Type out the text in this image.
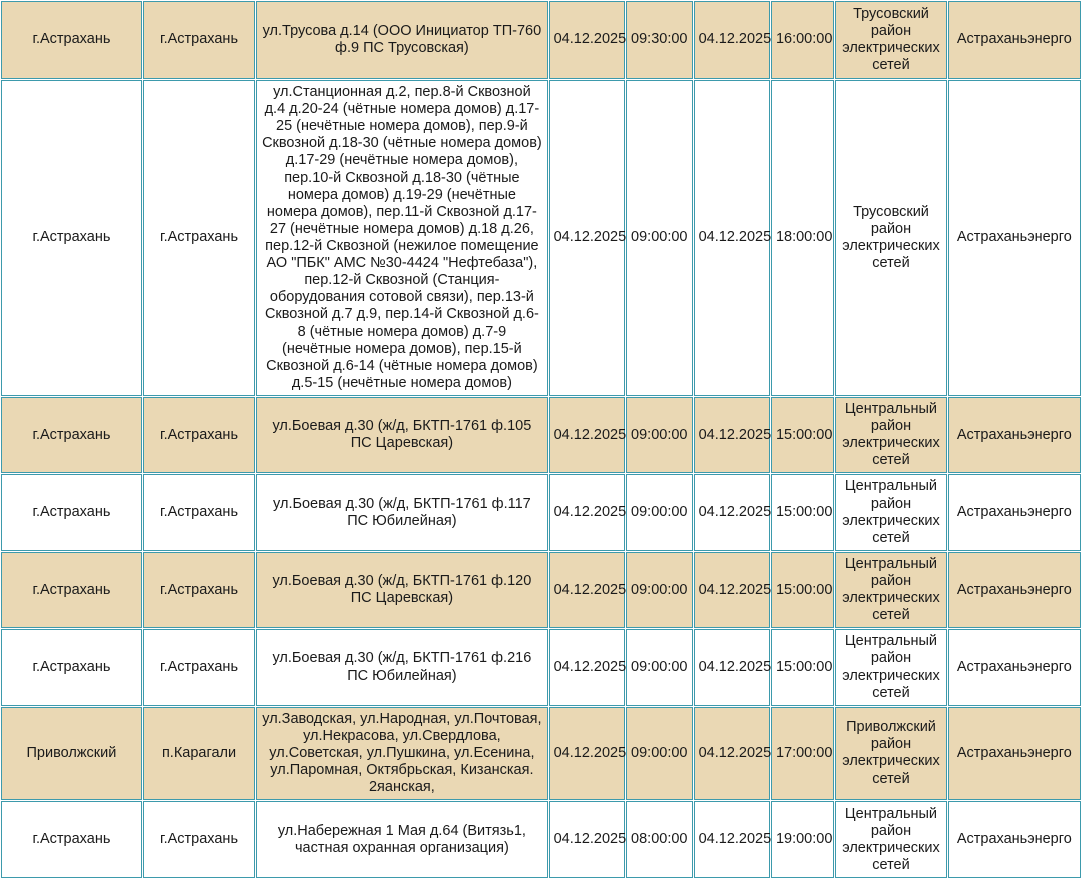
г.Астрахань	г.Астрахань	ул.Трусова д.14 (ООО Инициатор ТП-760 ф.9 ПС Трусовская)	04.12.2025	09:30:00	04.12.2025	16:00:00	Трусовский район электрических сетей	Астраханьэнерго
г.Астрахань	г.Астрахань	ул.Станционная д.2, пер.8-й Сквозной д.4 д.20-24 (чётные номера домов) д.17-25 (нечётные номера домов), пер.9-й Сквозной д.18-30 (чётные номера домов) д.17-29 (нечётные номера домов), пер.10-й Сквозной д.18-30 (чётные номера домов) д.19-29 (нечётные номера домов), пер.11-й Сквозной д.17-27 (нечётные номера домов) д.18 д.26, пер.12-й Сквозной (нежилое помещение АО "ПБК" АМС №30-4424 "Нефтебаза"), пер.12-й Сквозной (Станция-оборудования сотовой связи), пер.13-й Сквозной д.7 д.9, пер.14-й Сквозной д.6-8 (чётные номера домов) д.7-9 (нечётные номера домов), пер.15-й Сквозной д.6-14 (чётные номера домов) д.5-15 (нечётные номера домов)	04.12.2025	09:00:00	04.12.2025	18:00:00	Трусовский район электрических сетей	Астраханьэнерго
г.Астрахань	г.Астрахань	ул.Боевая д.30 (ж/д, БКТП-1761 ф.105 ПС Царевская)	04.12.2025	09:00:00	04.12.2025	15:00:00	Центральный район электрических сетей	Астраханьэнерго
г.Астрахань	г.Астрахань	ул.Боевая д.30 (ж/д, БКТП-1761 ф.117 ПС Юбилейная)	04.12.2025	09:00:00	04.12.2025	15:00:00	Центральный район электрических сетей	Астраханьэнерго
г.Астрахань	г.Астрахань	ул.Боевая д.30 (ж/д, БКТП-1761 ф.120 ПС Царевская)	04.12.2025	09:00:00	04.12.2025	15:00:00	Центральный район электрических сетей	Астраханьэнерго
г.Астрахань	г.Астрахань	ул.Боевая д.30 (ж/д, БКТП-1761 ф.216 ПС Юбилейная)	04.12.2025	09:00:00	04.12.2025	15:00:00	Центральный район электрических сетей	Астраханьэнерго
Приволжский	п.Карагали	ул.Заводская, ул.Народная, ул.Почтовая, ул.Некрасова, ул.Свердлова, ул.Советская, ул.Пушкина, ул.Есенина, ул.Паромная, Октябрьская, Кизанская. 2яанская,	04.12.2025	09:00:00	04.12.2025	17:00:00	Приволжский район электрических сетей	Астраханьэнерго
г.Астрахань	г.Астрахань	ул.Набережная 1 Мая д.64 (Витязь1, частная охранная организация)	04.12.2025	08:00:00	04.12.2025	19:00:00	Центральный район электрических сетей	Астраханьэнерго
